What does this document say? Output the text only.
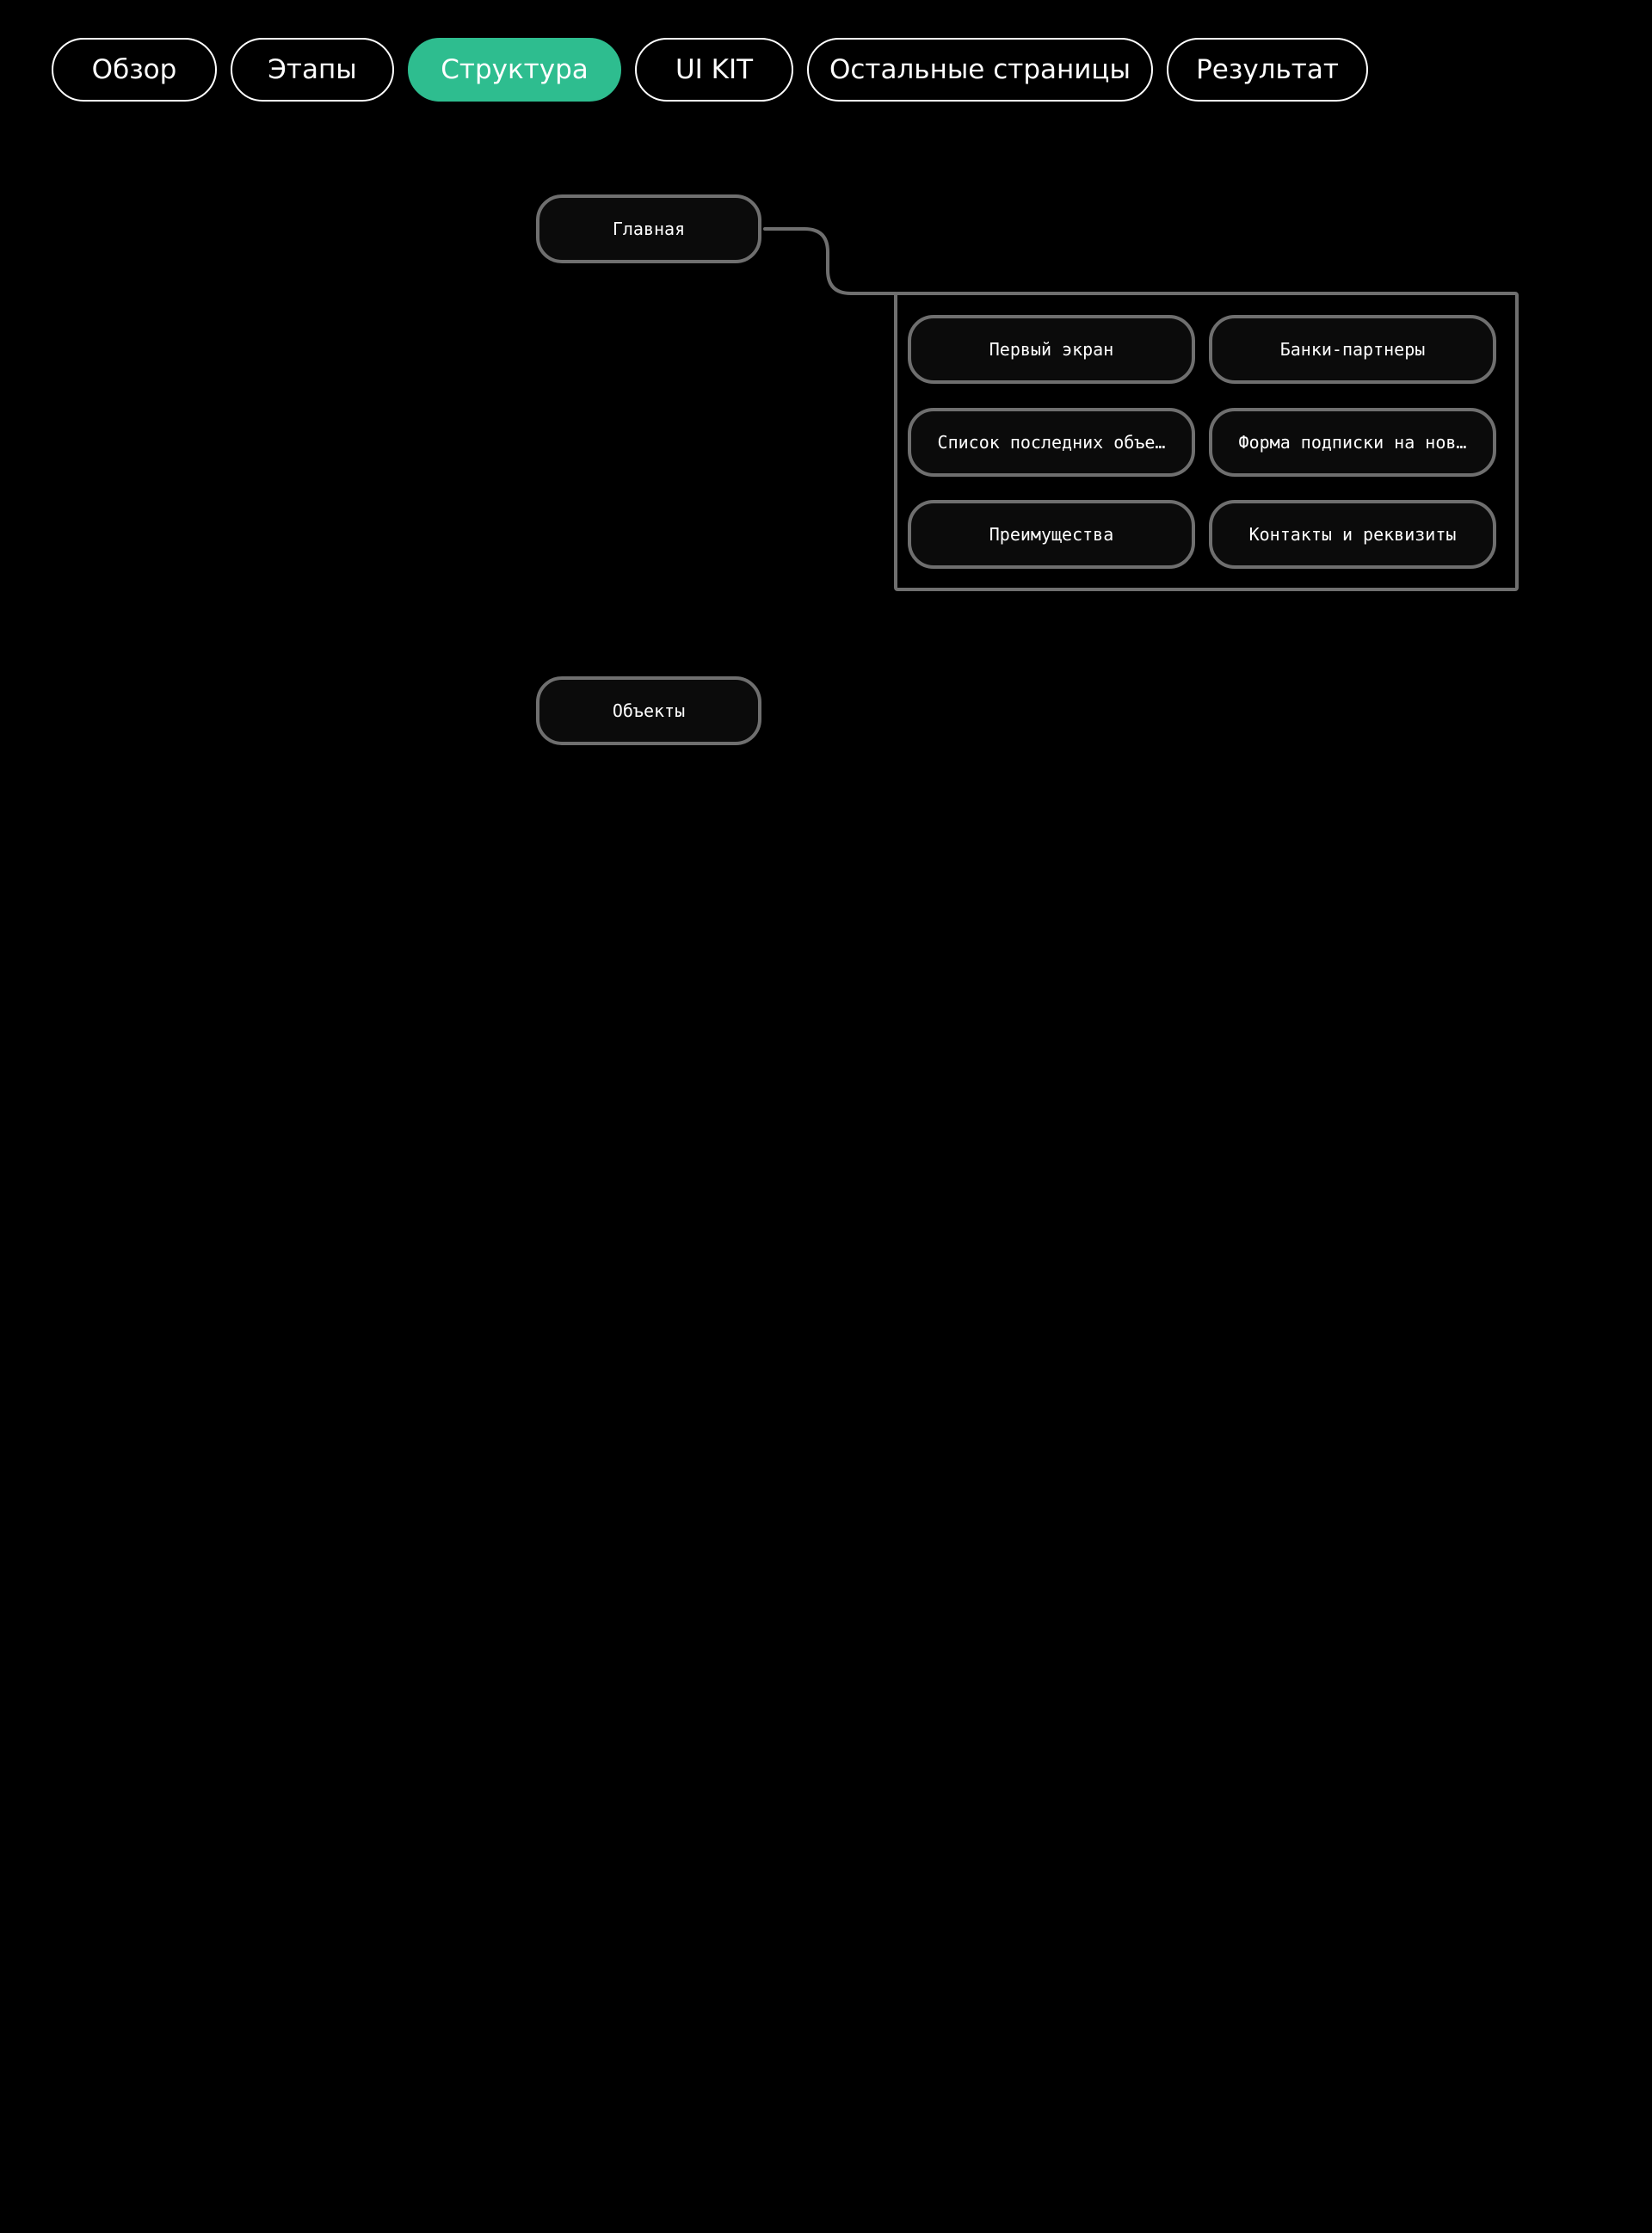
Обзор	Этапы	Структура	UI KIT	Остальные страницы	Результат
Главная
Первый экран	Банки-партнеры
Список последних объе…	Форма подписки на нов…
Преимущества	Контакты и реквизиты
Объекты
